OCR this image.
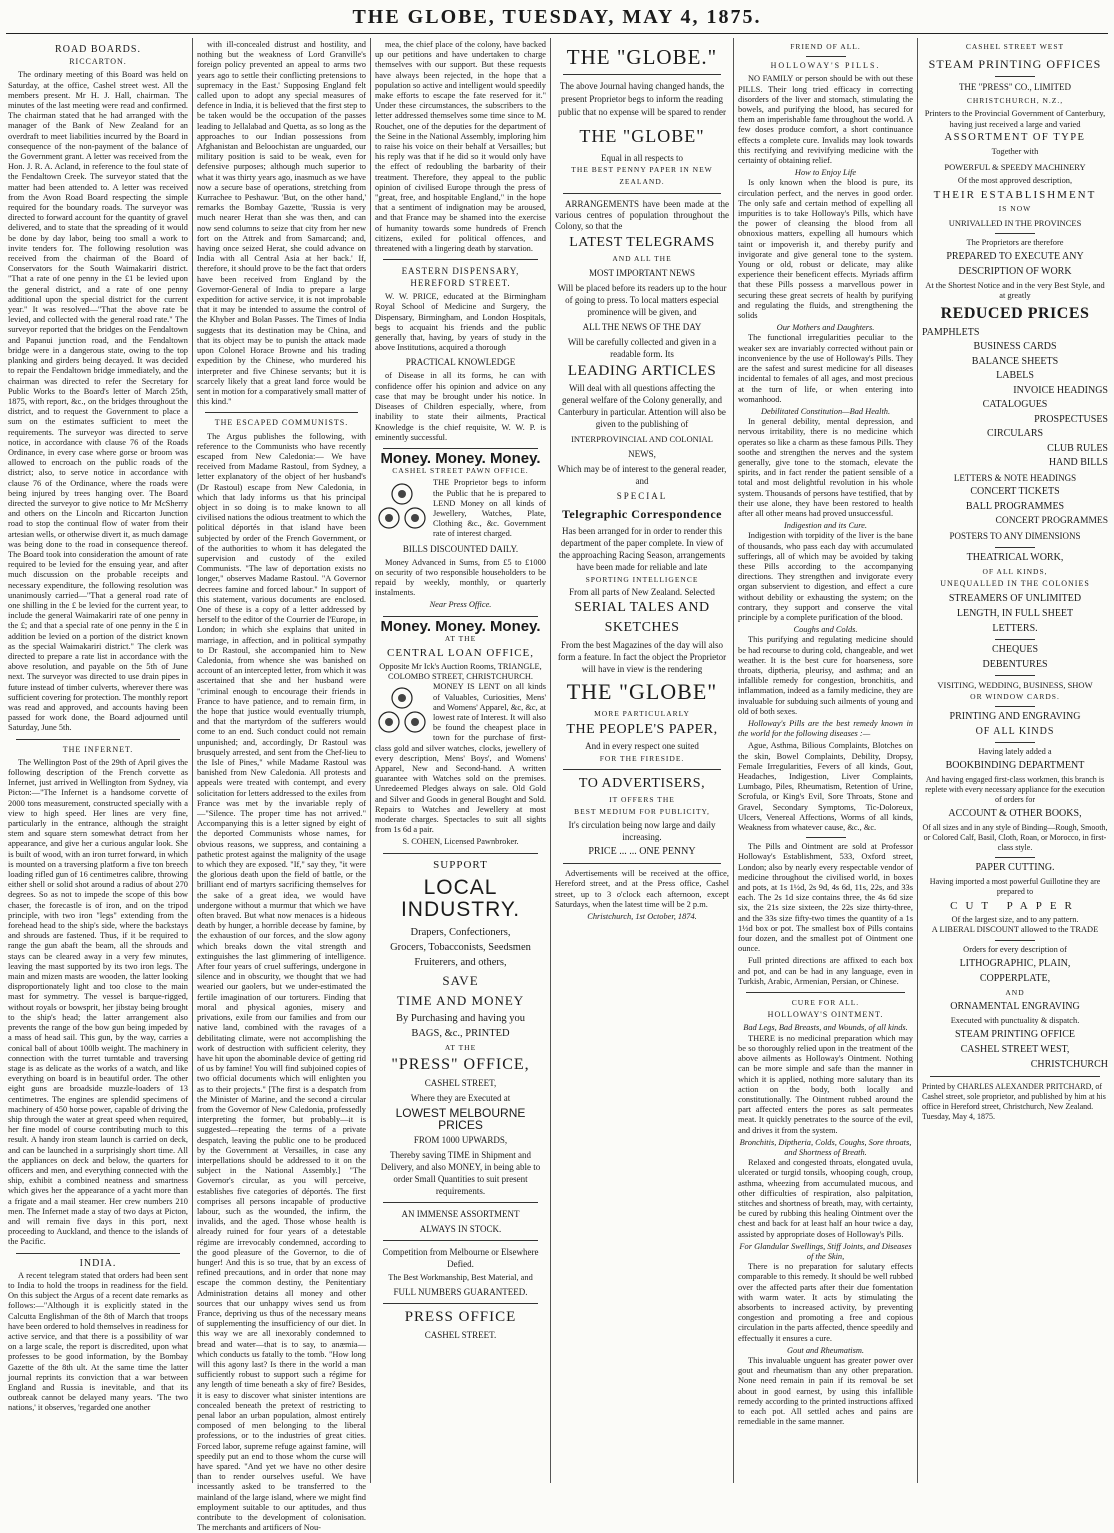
THE GLOBE, TUESDAY, MAY 4, 1875.
ROAD BOARDS.
RICCARTON.

The ordinary meeting of this Board was held on Saturday, at the office, Cashel street west. All the members present. Mr H. J. Hall, chairman. The minutes of the last meeting were read and confirmed. The chairman stated that he had arranged with the manager of the Bank of New Zealand for an overdraft to meet liabilities incurred by the Board in consequence of the non-payment of the balance of the Government grant. A letter was received from the Hon. J. R. A. Acland, in reference to the foul state of the Fendaltown Creek. The surveyor stated that the matter had been attended to. A letter was received from the Avon Road Board respecting the simple required for the boundary roads. The surveyor was directed to forward account for the quantity of gravel delivered, and to state that the spreading of it would be done by day labor, being too small a work to invite tenders for. The following resolution was received from the chairman of the Board of Conservators for the South Waimakariri district. "That a rate of one penny in the £1 be levied upon the general district, and a rate of one penny additional upon the special district for the current year." It was resolved—"That the above rate be levied, and collected with the general road rate." The surveyor reported that the bridges on the Fendaltown and Papanui junction road, and the Fendaltown bridge were in a dangerous state, owing to the top planking and girders being decayed. It was decided to repair the Fendaltown bridge immediately, and the chairman was directed to refer the Secretary for Public Works to the Board's letter of March 25th, 1875, with report, &c., on the bridges throughout the district, and to request the Government to place a sum on the estimates sufficient to meet the requirements. The surveyor was directed to serve notice, in accordance with clause 76 of the Roads Ordinance, in every case where gorse or broom was allowed to encroach on the public roads of the district; also, to serve notice in accordance with clause 76 of the Ordinance, where the roads were being injured by trees hanging over. The Board directed the surveyor to give notice to Mr McSherry and others on the Lincoln and Riccarton Junction road to stop the continual flow of water from their artesian wells, or otherwise divert it, as much damage was being done to the road in consequence thereof. The Board took into consideration the amount of rate required to be levied for the ensuing year, and after much discussion on the probable receipts and necessary expenditure, the following resolution was unanimously carried—"That a general road rate of one shilling in the £ be levied for the current year, to include the general Waimakariri rate of one penny in the £; and that a special rate of one penny in the £ in addition be levied on a portion of the district known as the special Waimakariri district." The clerk was directed to prepare a rate list in accordance with the above resolution, and payable on the 5th of June next. The surveyor was directed to use drain pipes in future instead of timber culverts, wherever there was sufficient covering for protection. The monthly report was read and approved, and accounts having been passed for work done, the Board adjourned until Saturday, June 5th.

THE INFERNET.

The Wellington Post of the 29th of April gives the following description of the French corvette as Infernet, just arrived in Wellington from Sydney, via Picton:—"The Infernet is a handsome corvette of 2000 tons measurement, constructed specially with a view to high speed. Her lines are very fine, particularly in the entrance, although the straight stem and square stern somewhat detract from her appearance, and give her a curious angular look. She is built of wood, with an iron turret forward, in which is mounted on a traversing platform a five ton breech loading rifled gun of 16 centimetres calibre, throwing either shell or solid shot around a radius of about 270 degrees. So as not to impede the scope of this bow chaser, the forecastle is of iron, and on the tripod principle, with two iron "legs" extending from the forehead head to the ship's side, where the backstays and shrouds are fastened. Thus, if it be required to range the gun abaft the beam, all the shrouds and stays can be cleared away in a very few minutes, leaving the mast supported by its two iron legs. The main and mizen masts are wooden, the latter looking disproportionately light and too close to the main mast for symmetry. The vessel is barque-rigged, without royals or bowsprit, her jibstay being brought to the ship's head; the latter arrangement also prevents the range of the bow gun being impeded by a mass of head sail. This gun, by the way, carries a conical ball of about 100lb weight. The machinery in connection with the turret turntable and traversing stage is as delicate as the works of a watch, and like everything on board is in beautiful order. The other eight guns are broadside muzzle-loaders of 13 centimetres. The engines are splendid specimens of machinery of 450 horse power, capable of driving the ship through the water at great speed when required, her fine model of course contributing much to this result. A handy iron steam launch is carried on deck, and can be launched in a surprisingly short time. All the appliances on deck and below, the quarters for officers and men, and everything connected with the ship, exhibit a combined neatness and smartness which gives her the appearance of a yacht more than a frigate and a mail steamer. Her crew numbers 210 men. The Infernet made a stay of two days at Picton, and will remain five days in this port, next proceeding to Auckland, and thence to the islands of the Pacific.

INDIA.

A recent telegram stated that orders had been sent to India to hold the troops in readiness for the field. On this subject the Argus of a recent date remarks as follows:—"Although it is explicitly stated in the Calcutta Englishman of the 8th of March that troops have been ordered to hold themselves in readiness for active service, and that there is a possibility of war on a large scale, the report is discredited, upon what professes to be good information, by the Bombay Gazette of the 8th ult. At the same time the latter journal reprints its conviction that a war between England and Russia is inevitable, and that its outbreak cannot be delayed many years. 'The two nations,' it observes, 'regarded one another

with ill-concealed distrust and hostility, and nothing but the weakness of Lord Granville's foreign policy prevented an appeal to arms two years ago to settle their conflicting pretensions to supremacy in the East.' Supposing England felt called upon to adopt any special measures of defence in India, it is believed that the first step to be taken would be the occupation of the passes leading to Jellalabad and Quetta, as so long as the approaches to our Indian possessions from Afghanistan and Beloochistan are unguarded, our military position is said to be weak, even for defensive purposes; although much superior to what it was thirty years ago, inasmuch as we have now a secure base of operations, stretching from Kurrachee to Peshawur. 'But, on the other hand,' remarks the Bombay Gazette, 'Russia is very much nearer Herat than she was then, and can now send columns to seize that city from her new fort on the Attrek and from Samarcand; and, having once seized Herat, she could advance on India with all Central Asia at her back.' If, therefore, it should prove to be the fact that orders have been received from England by the Governor-General of India to prepare a large expedition for active service, it is not improbable that it may be intended to assume the control of the Khyber and Bolan Passes. The Times of India suggests that its destination may be China, and that its object may be to punish the attack made upon Colonel Horace Browne and his trading expedition by the Chinese, who murdered his interpreter and five Chinese servants; but it is scarcely likely that a great land force would be sent in motion for a comparatively small matter of this kind."

THE ESCAPED COMMUNISTS.

The Argus publishes the following, with reference to the Communists who have recently escaped from New Caledonia:— We have received from Madame Rastoul, from Sydney, a letter explanatory of the object of her husband's (Dr Rastoul) escape from New Caledonia, in which that lady informs us that his principal object in so doing is to make known to all civilised nations the odious treatment to which the political déportés in that island have been subjected by order of the French Government, or of the authorities to whom it has delegated the supervision and custody of the exiled Communists. "The law of deportation exists no longer," observes Madame Rastoul. "A Governor decrees famine and forced labour." In support of this statement, various documents are enclosed. One of these is a copy of a letter addressed by herself to the editor of the Courrier de l'Europe, in London; in which she explains that united in marriage, in affection, and in political sympathy to Dr Rastoul, she accompanied him to New Caledonia, from whence she was banished on account of an intercepted letter, from which it was ascertained that she and her husband were "criminal enough to encourage their friends in France to have patience, and to remain firm, in the hope that justice would eventually triumph, and that the martyrdom of the sufferers would come to an end. Such conduct could not remain unpunished; and, accordingly, Dr Rastoul was brusquely arrested, and sent from the Chef-lieu to the Isle of Pines," while Madame Rastoul was banished from New Caledonia. All protests and appeals were treated with contempt, and every solicitation for letters addressed to the exiles from France was met by the invariable reply of—"Silence. The proper time has not arrived." Accompanying this is a letter signed by eight of the deported Communists whose names, for obvious reasons, we suppress, and containing a pathetic protest against the malignity of the usage to which they are exposed. "If," say they, "it were the glorious death upon the field of battle, or the brilliant end of martyrs sacrificing themselves for the sake of a great idea, we would have undergone without a murmur that which we have often braved. But what now menaces is a hideous death by hunger, a horrible decease by famine, by the exhaustion of our forces, and the slow agony which breaks down the vital strength and extinguishes the last glimmering of intelligence. After four years of cruel sufferings, undergone in silence and in obscurity, we thought that we had wearied our gaolers, but we under-estimated the fertile imagination of our torturers. Finding that moral and physical agonies, misery and privations, exile from our families and from our native land, combined with the ravages of a debilitating climate, were not accomplishing the work of destruction with sufficient celerity, they have hit upon the abominable device of getting rid of us by famine! You will find subjoined copies of two official documents which will enlighten you as to their projects." [The first is a despatch from the Minister of Marine, and the second a circular from the Governor of New Caledonia, professedly interpreting the former, but probably—it is suggested—repeating the terms of a private despatch, leaving the public one to be produced by the Government at Versailles, in case any interpellations should be addressed to it on the subject in the National Assembly.] "The Governor's circular, as you will perceive, establishes five categories of déportés. The first comprises all persons incapable of productive labour, such as the wounded, the infirm, the invalids, and the aged. Those whose health is already ruined for four years of a detestable régime are irrevocably condemned, according to the good pleasure of the Governor, to die of hunger! And this is so true, that by an excess of refined precautions, and in order that none may escape the common destiny, the Penitentiary Administration detains all money and other sources that our unhappy wives send us from France, depriving us thus of the necessary means of supplementing the insufficiency of our diet. In this way we are all inexorably condemned to bread and water—that is to say, to anæmia—which conducts us fatally to the tomb. "How long will this agony last? Is there in the world a man sufficiently robust to support such a régime for any length of time beneath a sky of fire? Besides, it is easy to discover what sinister intentions are concealed beneath the pretext of restricting to penal labor an urban population, almost entirely composed of men belonging to the liberal professions, or to the industries of great cities. Forced labor, supreme refuge against famine, will speedily put an end to those whom the curse will have spared. "And yet we have no other desire than to render ourselves useful. We have incessantly asked to be transferred to the mainland of the large island, where we might find employment suitable to our aptitudes, and thus contribute to the development of colonisation. The merchants and artificers of Nou-

mea, the chief place of the colony, have backed up our petitions and have undertaken to charge themselves with our support. But these requests have always been rejected, in the hope that a population so active and intelligent would speedily make efforts to escape the fate reserved for it." Under these circumstances, the subscribers to the letter addressed themselves some time since to M. Rouchet, one of the deputies for the department of the Seine in the National Assembly, imploring him to raise his voice on their behalf at Versailles; but his reply was that if he did so it would only have the effect of redoubling the barbarity of their treatment. Therefore, they appeal to the public opinion of civilised Europe through the press of "great, free, and hospitable England," in the hope that a sentiment of indignation may be aroused, and that France may be shamed into the exercise of humanity towards some hundreds of French citizens, exiled for political offences, and threatened with a lingering death by starvation.

EASTERN DISPENSARY, HEREFORD STREET.

W. W. PRICE, educated at the Birmingham Royal School of Medicine and Surgery, the Dispensary, Birmingham, and London Hospitals, begs to acquaint his friends and the public generally that, having, by years of study in the above Institutions, acquired a thorough

PRACTICAL KNOWLEDGE

of Disease in all its forms, he can with confidence offer his opinion and advice on any case that may be brought under his notice. In Diseases of Children especially, where, from inability to state their ailments, Practical Knowledge is the chief requisite, W. W. P. is eminently successful.

Money. Money. Money.
CASHEL STREET PAWN OFFICE.

THE Proprietor begs to inform the Public that he is prepared to LEND Money on all kinds of Jewellery, Watches, Plate, Clothing &c., &c. Government rate of interest charged.

BILLS DISCOUNTED DAILY.

Money Advanced in Sums, from £5 to £1000 on security of two responsible householders to be repaid by weekly, monthly, or quarterly instalments.

Near Press Office.
Money. Money. Money.
AT THE
CENTRAL LOAN OFFICE,
Opposite Mr Ick's Auction Rooms, TRIANGLE, COLOMBO STREET, CHRISTCHURCH.

MONEY IS LENT on all kinds of Valuables, Curiosities, Mens' and Womens' Apparel, &c, &c, at lowest rate of Interest. It will also be found the cheapest place in town for the purchase of first-class gold and silver watches, clocks, jewellery of every description, Mens' Boys', and Womens' Apparel, New and Second-hand. A written guarantee with Watches sold on the premises. Unredeemed Pledges always on sale. Old Gold and Silver and Goods in general Bought and Sold. Repairs to Watches and Jewellery at most moderate charges. Spectacles to suit all sights from 1s 6d a pair.

S. COHEN, Licensed Pawnbroker.
SUPPORT
LOCAL INDUSTRY.
Drapers, Confectioners,
Grocers, Tobacconists, Seedsmen
Fruiterers, and others,
SAVE
TIME AND MONEY
By Purchasing and having you
BAGS, &c., PRINTED
AT THE
"PRESS" OFFICE,
CASHEL STREET,
Where they are Executed at
LOWEST MELBOURNE PRICES
FROM 1000 UPWARDS,
Thereby saving TIME in Shipment and Delivery, and also MONEY, in being able to order Small Quantities to suit present requirements.
AN IMMENSE ASSORTMENT
ALWAYS IN STOCK.
Competition from Melbourne or Elsewhere Defied.
The Best Workmanship, Best Material, and
FULL NUMBERS GUARANTEED.
PRESS OFFICE
CASHEL STREET.
THE "GLOBE."
The above Journal having changed hands, the present Proprietor begs to inform the reading public that no expense will be spared to render
THE "GLOBE"
Equal in all respects to
THE BEST PENNY PAPER IN NEW
ZEALAND.

ARRANGEMENTS have been made at the various centres of population throughout the Colony, so that the

LATEST TELEGRAMS
AND ALL THE
MOST IMPORTANT NEWS
Will be placed before its readers up to the hour of going to press. To local matters especial prominence will be given, and
ALL THE NEWS OF THE DAY
Will be carefully collected and given in a readable form. Its
LEADING ARTICLES
Will deal with all questions affecting the general welfare of the Colony generally, and Canterbury in particular. Attention will also be given to the publishing of
INTERPROVINCIAL AND COLONIAL
NEWS,
Which may be of interest to the general reader, and
SPECIAL
Telegraphic Correspondence
Has been arranged for in order to render this department of the paper complete. In view of the approaching Racing Season, arrangements have been made for reliable and late
SPORTING INTELLIGENCE
From all parts of New Zealand. Selected
SERIAL TALES AND
SKETCHES
From the best Magazines of the day will also form a feature. In fact the object the Proprietor will have in view is the rendering
THE "GLOBE"
MORE PARTICULARLY
THE PEOPLE'S PAPER,
And in every respect one suited
FOR THE FIRESIDE.
TO ADVERTISERS,
IT OFFERS THE
BEST MEDIUM FOR PUBLICITY,
It's circulation being now large and daily increasing.
PRICE ... ... ONE PENNY

Advertisements will be received at the office, Hereford street, and at the Press office, Cashel street, up to 3 o'clock each afternoon, except Saturdays, when the latest time will be 2 p.m.

Christchurch, 1st October, 1874.
FRIEND OF ALL.
HOLLOWAY'S PILLS.

NO FAMILY or person should be with out these PILLS. Their long tried efficacy in correcting disorders of the liver and stomach, stimulating the bowels, and purifying the blood, has secured for them an imperishable fame throughout the world. A few doses produce comfort, a short continuance effects a complete cure. Invalids may look towards this rectifying and revivifying medicine with the certainty of obtaining relief.

How to Enjoy Life

Is only known when the blood is pure, its circulation perfect, and the nerves in good order. The only safe and certain method of expelling all impurities is to take Holloway's Pills, which have the power of cleansing the blood from all obnoxious matters, expelling all humours which taint or impoverish it, and thereby purify and invigorate and give general tone to the system. Young or old, robust or delicate, may alike experience their beneficent effects. Myriads affirm that these Pills possess a marvellous power in securing these great secrets of health by purifying and regulating the fluids, and strengthening the solids

Our Mothers and Daughters.

The functional irregularities peculiar to the weaker sex are invariably corrected without pain or inconvenience by the use of Holloway's Pills. They are the safest and surest medicine for all diseases incidental to females of all ages, and most precious at the turn of life, or when entering into womanhood.

Debilitated Constitution—Bad Health.

In general debility, mental depression, and nervous irritability, there is no medicine which operates so like a charm as these famous Pills. They soothe and strengthen the nerves and the system generally, give tone to the stomach, elevate the spirits, and in fact render the patient sensible of a total and most delightful revolution in his whole system. Thousands of persons have testified, that by their use alone, they have been restored to health after all other means had proved unsuccessful.

Indigestion and its Cure.

Indigestion with torpidity of the liver is the bane of thousands, who pass each day with accumulated sufferings, all of which may be avoided by taking these Pills according to the accompanying directions. They strengthen and invigorate every organ subservient to digestion, and effect a cure without debility or exhausting the system; on the contrary, they support and conserve the vital principle by a complete purification of the blood.

Coughs and Colds.

This purifying and regulating medicine should be had recourse to during cold, changeable, and wet weather. It is the best cure for hoarseness, sore throats, diptheria, pleurisy, and asthma; and an infallible remedy for congestion, bronchitis, and inflammation, indeed as a family medicine, they are invaluable for subduing such ailments of young and old of both sexes.

Holloway's Pills are the best remedy known in the world for the following diseases :—

Ague, Asthma, Bilious Complaints, Blotches on the skin, Bowel Complaints, Debility, Dropsy, Female Irregularities, Fevers of all kinds, Gout, Headaches, Indigestion, Liver Complaints, Lumbago, Piles, Rheumatism, Retention of Urine, Scrofula, or King's Evil, Sore Throats, Stone and Gravel, Secondary Symptoms, Tic-Doloreux, Ulcers, Venereal Affections, Worms of all kinds, Weakness from whatever cause, &c., &c.

The Pills and Ointment are sold at Professor Holloway's Establishment, 533, Oxford street, London; also by nearly every respectable vendor of medicine throughout the civilised world, in boxes and pots, at 1s 1½d, 2s 9d, 4s 6d, 11s, 22s, and 33s each. The 2s 1d size contains three, the 4s 6d size six, the 21s size sixteen, the 22s size thirty-three, and the 33s size fifty-two times the quantity of a 1s 1½d box or pot. The smallest box of Pills contains four dozen, and the smallest pot of Ointment one ounce.

Full printed directions are affixed to each box and pot, and can be had in any language, even in Turkish, Arabic, Armenian, Persian, or Chinese.

CURE FOR ALL.
HOLLOWAY'S OINTMENT.
Bad Legs, Bad Breasts, and Wounds, of all kinds.

THERE is no medicinal preparation which may be so thoroughly relied upon in the treatment of the above ailments as Holloway's Ointment. Nothing can be more simple and safe than the manner in which it is applied, nothing more salutary than its action on the body, both locally and constitutionally. The Ointment rubbed around the part affected enters the pores as salt permeates meat. It quickly penetrates to the source of the evil, and drives it from the system.

Bronchitis, Diptheria, Colds, Coughs, Sore throats, and Shortness of Breath.

Relaxed and congested throats, elongated uvula, ulcerated or turgid tonsils, whooping cough, croup, asthma, wheezing from accumulated mucous, and other difficulties of respiration, also palpitation, stitches and shortness of breath, may, with certainty, be cured by rubbing this healing Ointment over the chest and back for at least half an hour twice a day, assisted by appropriate doses of Holloway's Pills.

For Glandular Swellings, Stiff Joints, and Diseases of the Skin,

There is no preparation for salutary effects comparable to this remedy. It should be well rubbed over the affected parts after their due fomentation with warm water. It acts by stimulating the absorbents to increased activity, by preventing congestion and promoting a free and copious circulation in the parts affected, thence speedily and effectually it ensures a cure.

Gout and Rheumatism.

This invaluable unguent has greater power over gout and rheumatism than any other preparation. None need remain in pain if its removal be set about in good earnest, by using this infallible remedy according to the printed instructions affixed to each pot. All settled aches and pains are remediable in the same manner.

CASHEL STREET WEST
STEAM PRINTING OFFICES
THE "PRESS" CO., LIMITED
CHRISTCHURCH, N.Z.,
Printers to the Provincial Government of Canterbury, having just received a large and varied
ASSORTMENT OF TYPE
Together with
POWERFUL & SPEEDY MACHINERY
Of the most approved description,
THEIR ESTABLISHMENT
IS NOW
UNRIVALLED IN THE PROVINCES
The Proprietors are therefore
PREPARED TO EXECUTE ANY
DESCRIPTION OF WORK
At the Shortest Notice and in the very Best Style, and at greatly
REDUCED PRICES
PAMPHLETS
BUSINESS CARDS
BALANCE SHEETS
LABELS
INVOICE HEADINGS
CATALOGUES
PROSPECTUSES
CIRCULARS
CLUB RULES
HAND BILLS
LETTERS & NOTE HEADINGS
CONCERT TICKETS
BALL PROGRAMMES
CONCERT PROGRAMMES
POSTERS TO ANY DIMENSIONS
THEATRICAL WORK,
OF ALL KINDS,
UNEQUALLED IN THE COLONIES
STREAMERS OF UNLIMITED
LENGTH, IN FULL SHEET
LETTERS.
CHEQUES
DEBENTURES
VISITING, WEDDING, BUSINESS, SHOW
OR WINDOW CARDS.
PRINTING AND ENGRAVING
OF ALL KINDS
Having lately added a
BOOKBINDING DEPARTMENT
And having engaged first-class workmen, this branch is replete with every necessary appliance for the execution of orders for
ACCOUNT & OTHER BOOKS,
Of all sizes and in any style of Binding—Rough, Smooth, or Colored Calf, Basil, Cloth, Roan, or Morocco, in first-class style.
PAPER CUTTING.
Having imported a most powerful Guillotine they are prepared to
CUT PAPER
Of the largest size, and to any pattern.
A LIBERAL DISCOUNT allowed to the TRADE
Orders for every description of
LITHOGRAPHIC, PLAIN,
COPPERPLATE,
AND
ORNAMENTAL ENGRAVING
Executed with punctuality & dispatch.
STEAM PRINTING OFFICE
CASHEL STREET WEST,
CHRISTCHURCH
Printed by CHARLES ALEXANDER PRITCHARD, of Cashel street, sole proprietor, and published by him at his office in Hereford street, Christchurch, New Zealand. Tuesday, May 4, 1875.
